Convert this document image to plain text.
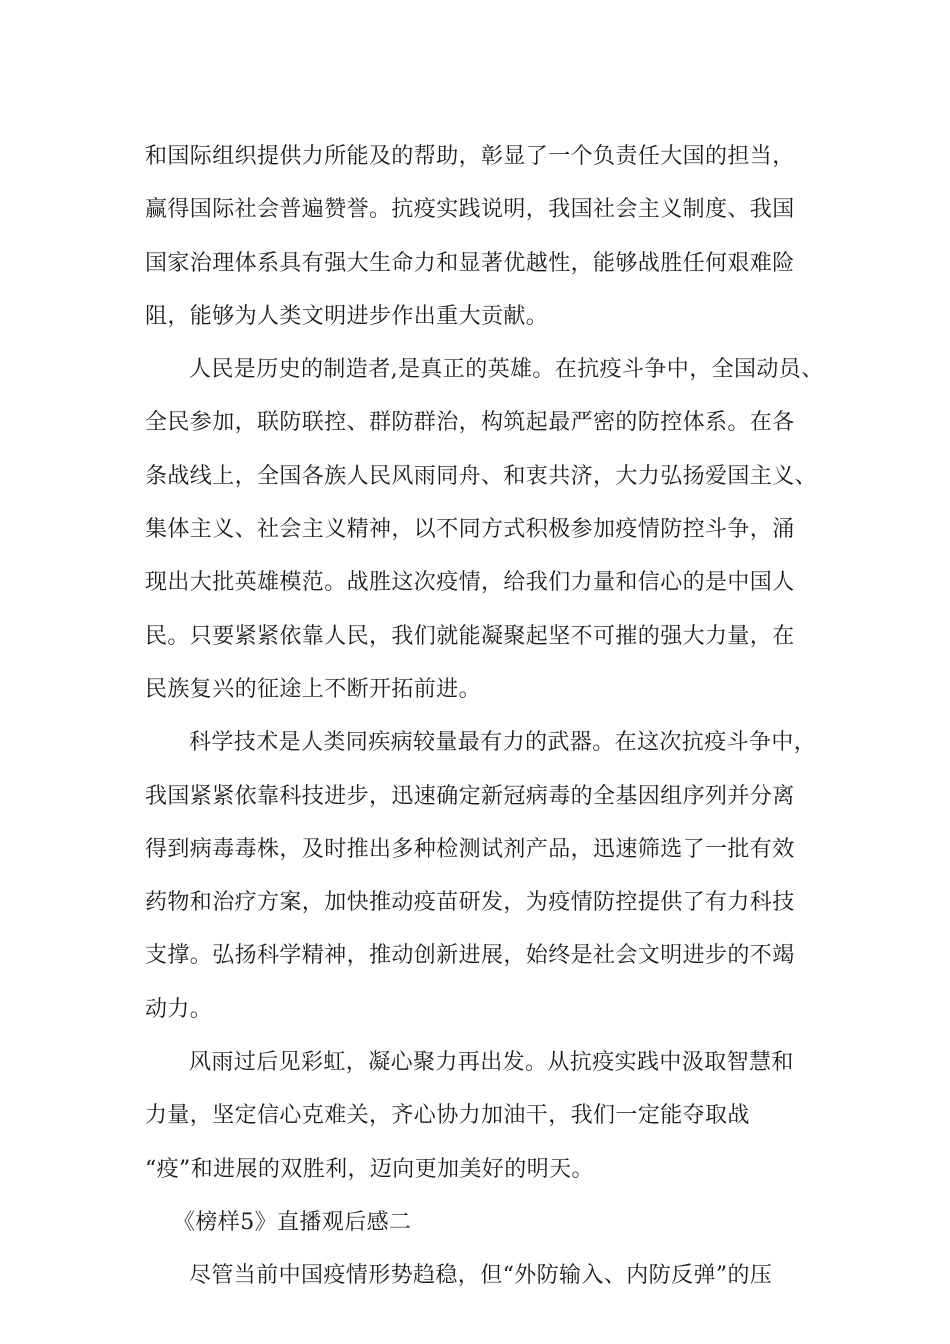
和国际组织提供力所能及的帮助，彰显了一个负责任大国的担当，
赢得国际社会普遍赞誉。抗疫实践说明，我国社会主义制度、我国
国家治理体系具有强大生命力和显著优越性，能够战胜任何艰难险
阻，能够为人类文明进步作出重大贡献。
人民是历史的制造者,是真正的英雄。在抗疫斗争中，全国动员、
全民参加，联防联控、群防群治，构筑起最严密的防控体系。在各
条战线上，全国各族人民风雨同舟、和衷共济，大力弘扬爱国主义、
集体主义、社会主义精神，以不同方式积极参加疫情防控斗争，涌
现出大批英雄模范。战胜这次疫情，给我们力量和信心的是中国人
民。只要紧紧依靠人民，我们就能凝聚起坚不可摧的强大力量，在
民族复兴的征途上不断开拓前进。
科学技术是人类同疾病较量最有力的武器。在这次抗疫斗争中，
我国紧紧依靠科技进步，迅速确定新冠病毒的全基因组序列并分离
得到病毒毒株，及时推出多种检测试剂产品，迅速筛选了一批有效
药物和治疗方案，加快推动疫苗研发，为疫情防控提供了有力科技
支撑。弘扬科学精神，推动创新进展，始终是社会文明进步的不竭
动力。
风雨过后见彩虹，凝心聚力再出发。从抗疫实践中汲取智慧和
力量，坚定信心克难关，齐心协力加油干，我们一定能夺取战
“疫”和进展的双胜利，迈向更加美好的明天。
《榜样5》直播观后感二
尽管当前中国疫情形势趋稳，但“外防输入、内防反弹”的压
